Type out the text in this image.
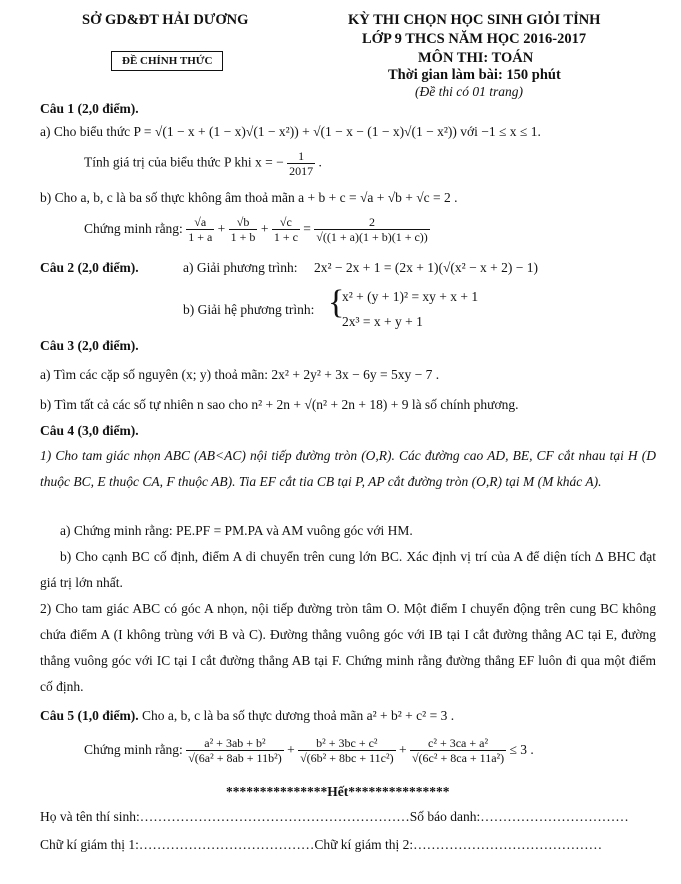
SỞ GD&ĐT HẢI DƯƠNG
ĐỀ CHÍNH THỨC
KỲ THI CHỌN HỌC SINH GIỎI TỈNH
LỚP 9 THCS NĂM HỌC 2016-2017
MÔN THI: TOÁN
Thời gian làm bài: 150 phút
(Đề thi có 01 trang)
Câu 1 (2,0 điểm).
a) Cho biểu thức P = √(1 − x + (1 − x)√(1 − x²)) + √(1 − x − (1 − x)√(1 − x²)) với −1 ≤ x ≤ 1.
Tính giá trị của biểu thức P khi x = − $\frac{1}{2017}$ .
b) Cho a, b, c là ba số thực không âm thoả mãn a + b + c = √a + √b + √c = 2 .
Chứng minh rằng: $\frac{√a}{1 + a} + \frac{√b}{1 + b} + \frac{√c}{1 + c} = \frac{2}{√((1 + a)(1 + b)(1 + c))}$
Câu 2 (2,0 điểm).	a) Giải phương trình: 2x² − 2x + 1 = (2x + 1)(√(x² − x + 2) − 1)
b) Giải hệ phương trình: {
x² + (y + 1)² = xy + x + 1
2x³ = x + y + 1
Câu 3 (2,0 điểm).
a) Tìm các cặp số nguyên (x; y) thoả mãn: 2x² + 2y² + 3x − 6y = 5xy − 7 .
b) Tìm tất cả các số tự nhiên n sao cho n² + 2n + √(n² + 2n + 18) + 9 là số chính phương.
Câu 4 (3,0 điểm).
1) Cho tam giác nhọn ABC (AB<AC) nội tiếp đường tròn (O,R). Các đường cao AD, BE, CF cắt nhau tại H (D thuộc BC, E thuộc CA, F thuộc AB). Tia EF cắt tia CB tại P, AP cắt đường tròn (O,R) tại M (M khác A).
a) Chứng minh rằng: PE.PF = PM.PA và AM vuông góc với HM.
b) Cho cạnh BC cố định, điểm A di chuyển trên cung lớn BC. Xác định vị trí của A để diện tích ∆ BHC đạt giá trị lớn nhất.
2) Cho tam giác ABC có góc A nhọn, nội tiếp đường tròn tâm O. Một điểm I chuyển động trên cung BC không chứa điểm A (I không trùng với B và C). Đường thẳng vuông góc với IB tại I cắt đường thẳng AC tại E, đường thẳng vuông góc với IC tại I cắt đường thẳng AB tại F. Chứng minh rằng đường thẳng EF luôn đi qua một điểm cố định.
Câu 5 (1,0 điểm). Cho a, b, c là ba số thực dương thoả mãn a² + b² + c² = 3 .
Chứng minh rằng: $\frac{\text{a² + 3ab + b²}}{\text{√(6a² + 8ab + 11b²)}} + \frac{\text{b² + 3bc + c²}}{\text{√(6b² + 8bc + 11c²)}} + \frac{\text{c² + 3ca + a²}}{\text{√(6c² + 8ca + 11a²)}} \le 3$ .
***************Hết***************
Họ và tên thí sinh:……………………………………………………Số báo danh:……………………………
Chữ kí giám thị 1:…………………………………Chữ kí giám thị 2:……………………………………
